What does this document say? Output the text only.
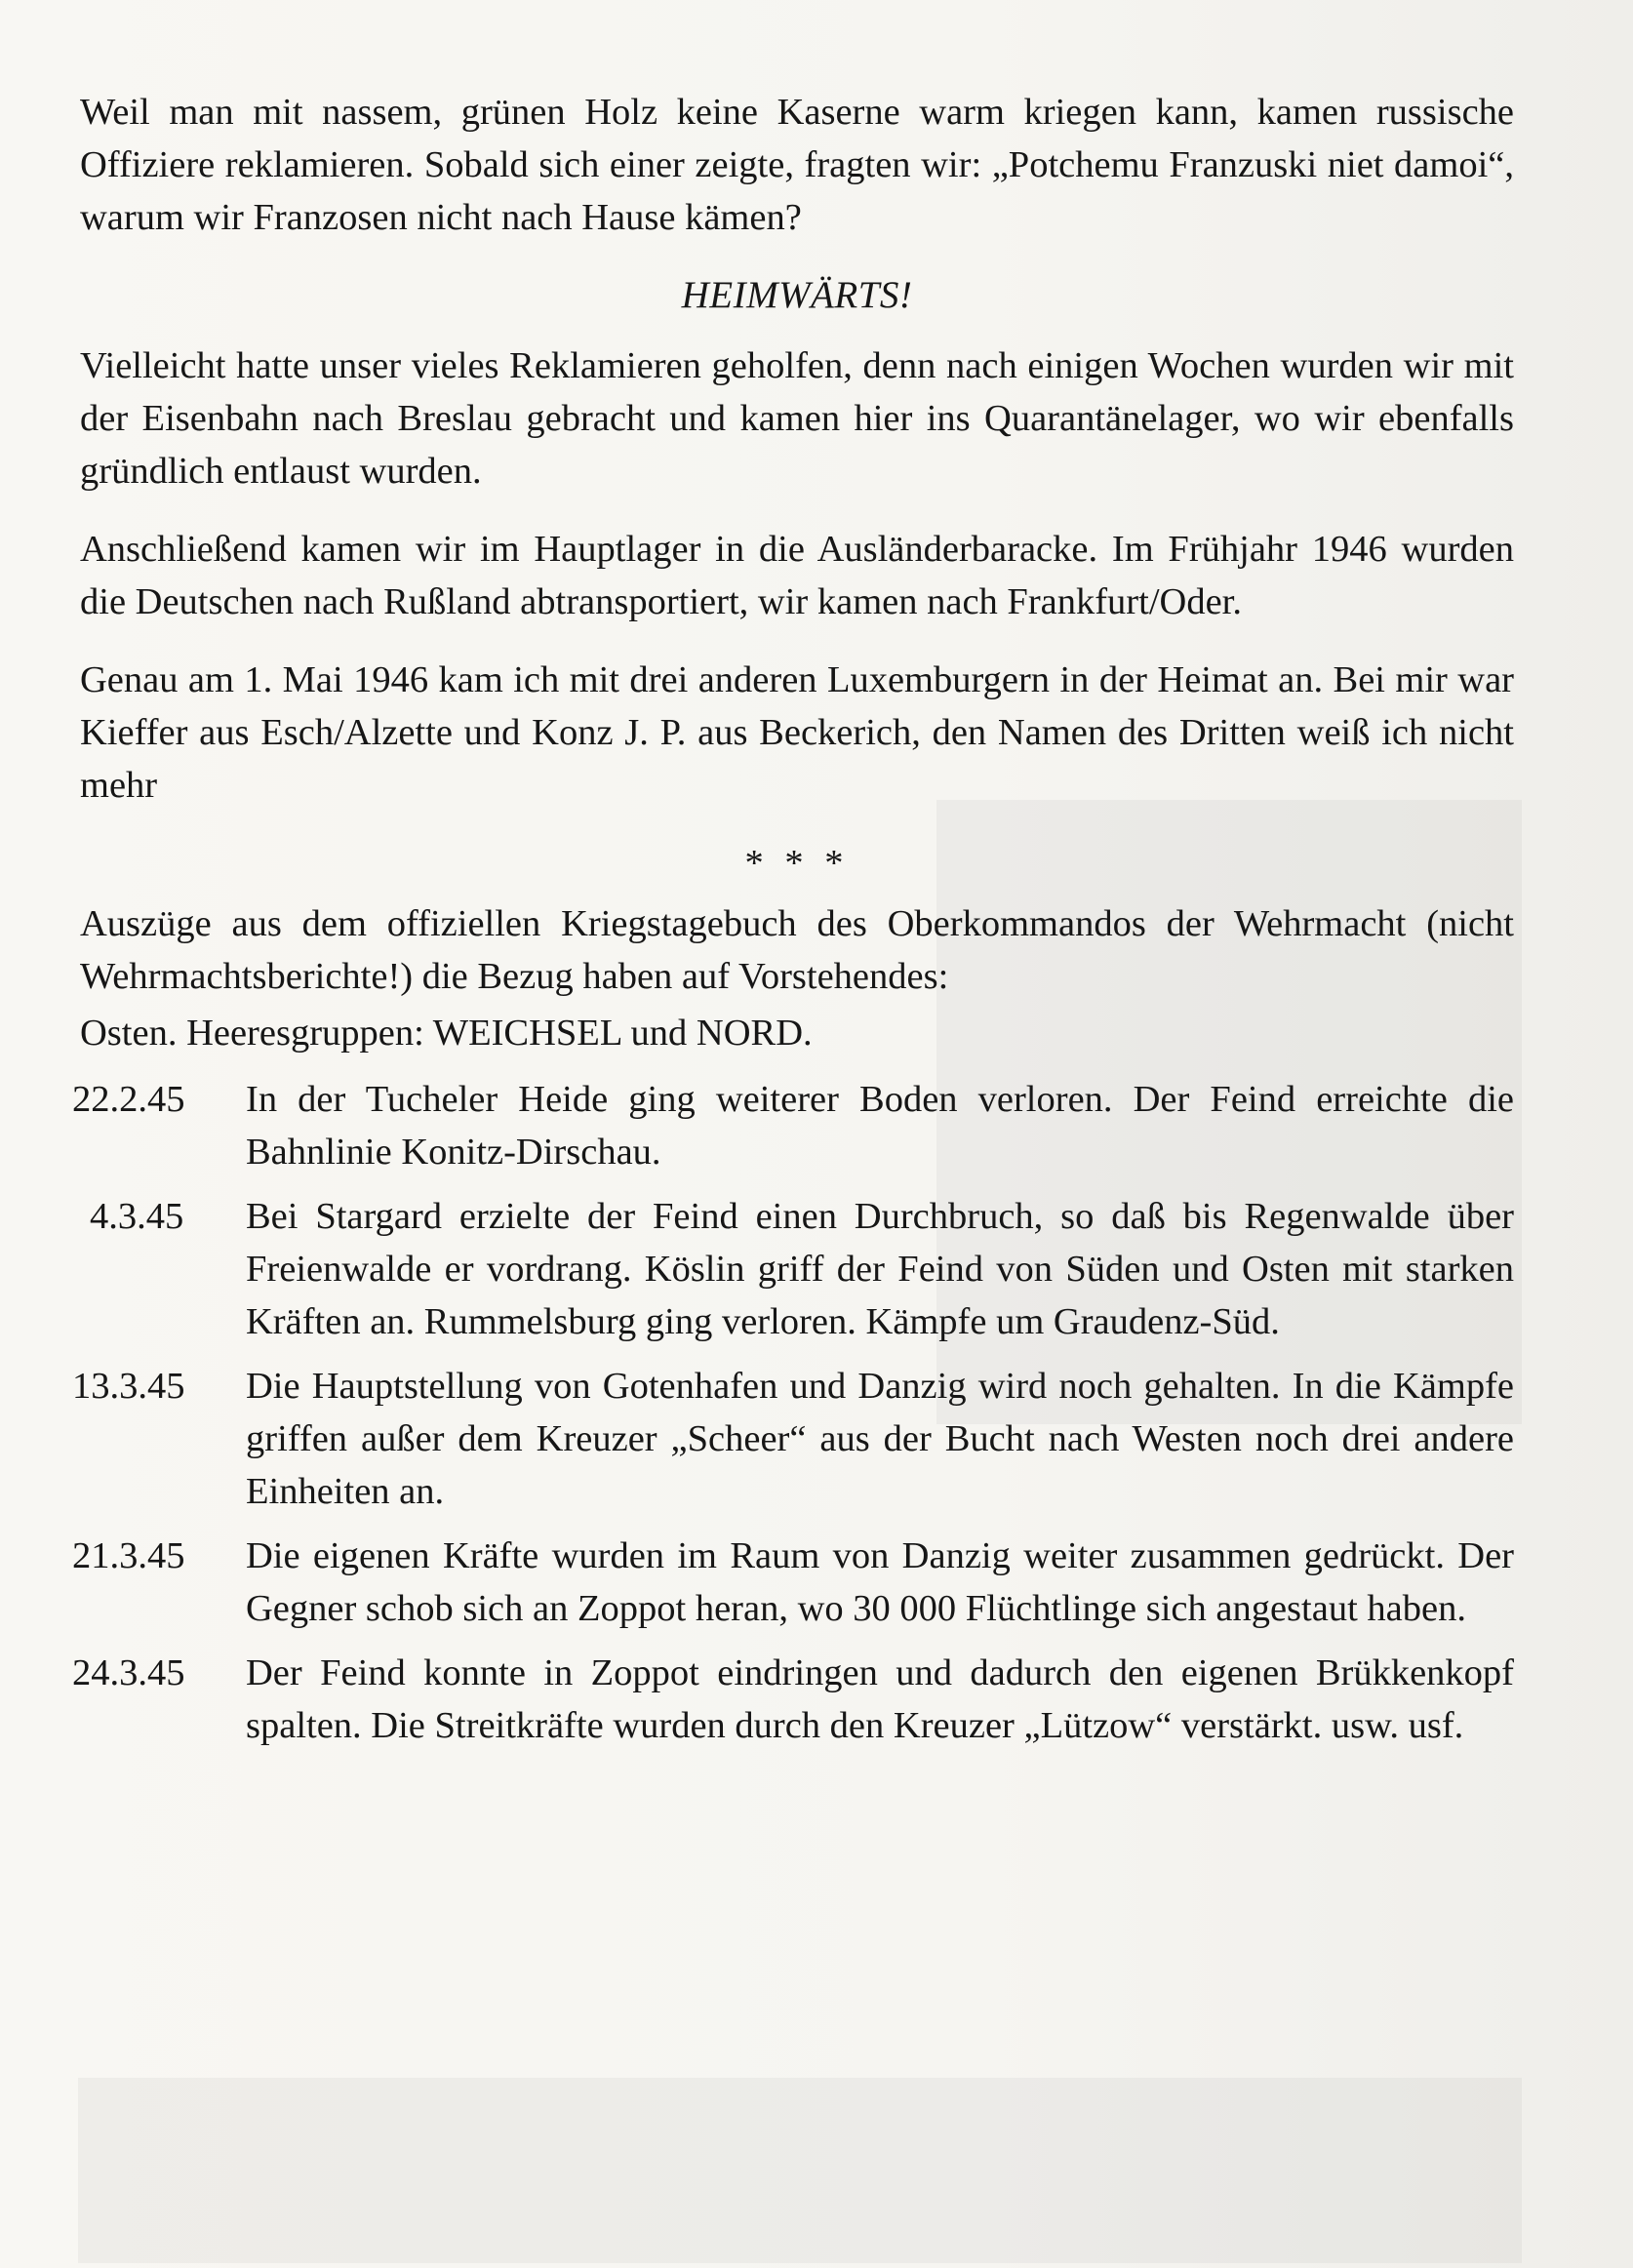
Weil man mit nassem, grünen Holz keine Kaserne warm kriegen kann, kamen russische Offiziere reklamieren. Sobald sich einer zeigte, fragten wir: „Potchemu Franzuski niet damoi“, warum wir Franzosen nicht nach Hause kämen?

HEIMWÄRTS!

Vielleicht hatte unser vieles Reklamieren geholfen, denn nach einigen Wochen wurden wir mit der Eisenbahn nach Breslau gebracht und kamen hier ins Quarantänelager, wo wir ebenfalls gründlich entlaust wurden.

Anschließend kamen wir im Hauptlager in die Ausländerbaracke. Im Frühjahr 1946 wurden die Deutschen nach Rußland abtransportiert, wir kamen nach Frankfurt/Oder.

Genau am 1. Mai 1946 kam ich mit drei anderen Luxemburgern in der Heimat an. Bei mir war Kieffer aus Esch/Alzette und Konz J. P. aus Beckerich, den Namen des Dritten weiß ich nicht mehr

* * *

Auszüge aus dem offiziellen Kriegstagebuch des Oberkommandos der Wehrmacht (nicht Wehrmachtsberichte!) die Bezug haben auf Vorstehendes:

Osten. Heeresgruppen: WEICHSEL und NORD.
22.2.45	In der Tucheler Heide ging weiterer Boden verloren. Der Feind erreichte die Bahnlinie Konitz-Dirschau.
4.3.45	Bei Stargard erzielte der Feind einen Durchbruch, so daß bis Regenwalde über Freienwalde er vordrang. Köslin griff der Feind von Süden und Osten mit starken Kräften an. Rummelsburg ging verloren. Kämpfe um Graudenz-Süd.
13.3.45	Die Hauptstellung von Gotenhafen und Danzig wird noch gehalten. In die Kämpfe griffen außer dem Kreuzer „Scheer“ aus der Bucht nach Westen noch drei andere Einheiten an.
21.3.45	Die eigenen Kräfte wurden im Raum von Danzig weiter zusammen gedrückt. Der Gegner schob sich an Zoppot heran, wo 30 000 Flüchtlinge sich angestaut haben.
24.3.45	Der Feind konnte in Zoppot eindringen und dadurch den eigenen Brükkenkopf spalten. Die Streitkräfte wurden durch den Kreuzer „Lützow“ verstärkt. usw. usf.
